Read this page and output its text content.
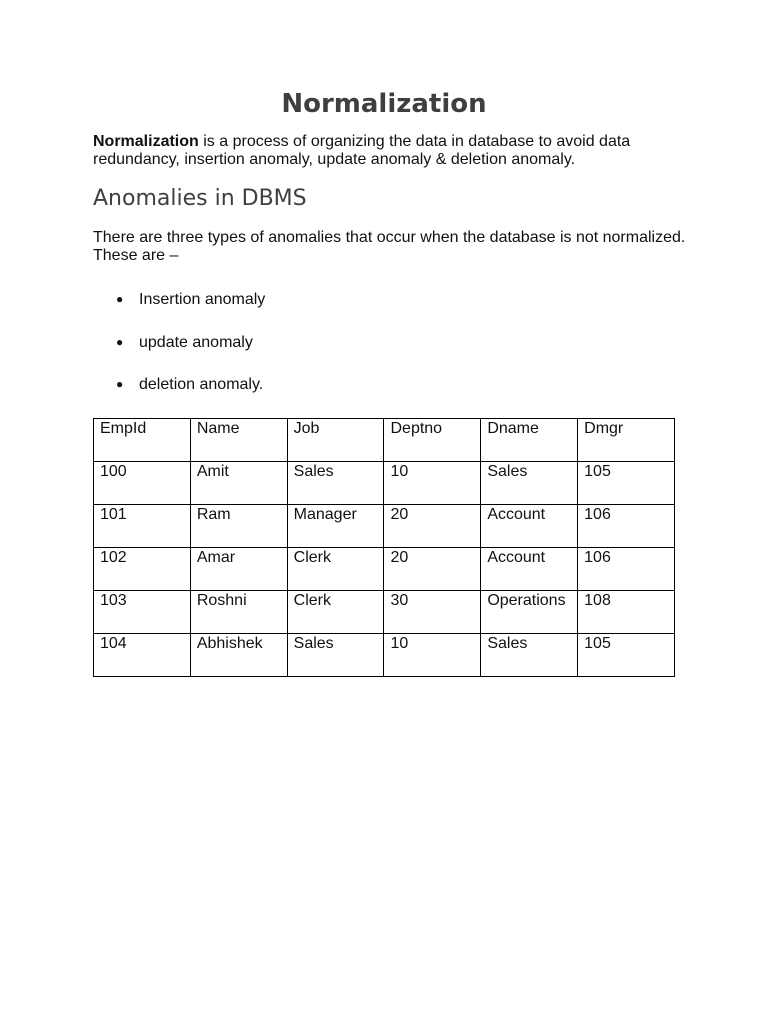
Normalization

Normalization is a process of organizing the data in database to avoid data redundancy, insertion anomaly, update anomaly & deletion anomaly.

Anomalies in DBMS

There are three types of anomalies that occur when the database is not normalized. These are –

● Insertion anomaly
● update anomaly
● deletion anomaly.
EmpId	Name	Job	Deptno	Dname	Dmgr
100	Amit	Sales	10	Sales	105
101	Ram	Manager	20	Account	106
102	Amar	Clerk	20	Account	106
103	Roshni	Clerk	30	Operations	108
104	Abhishek	Sales	10	Sales	105
